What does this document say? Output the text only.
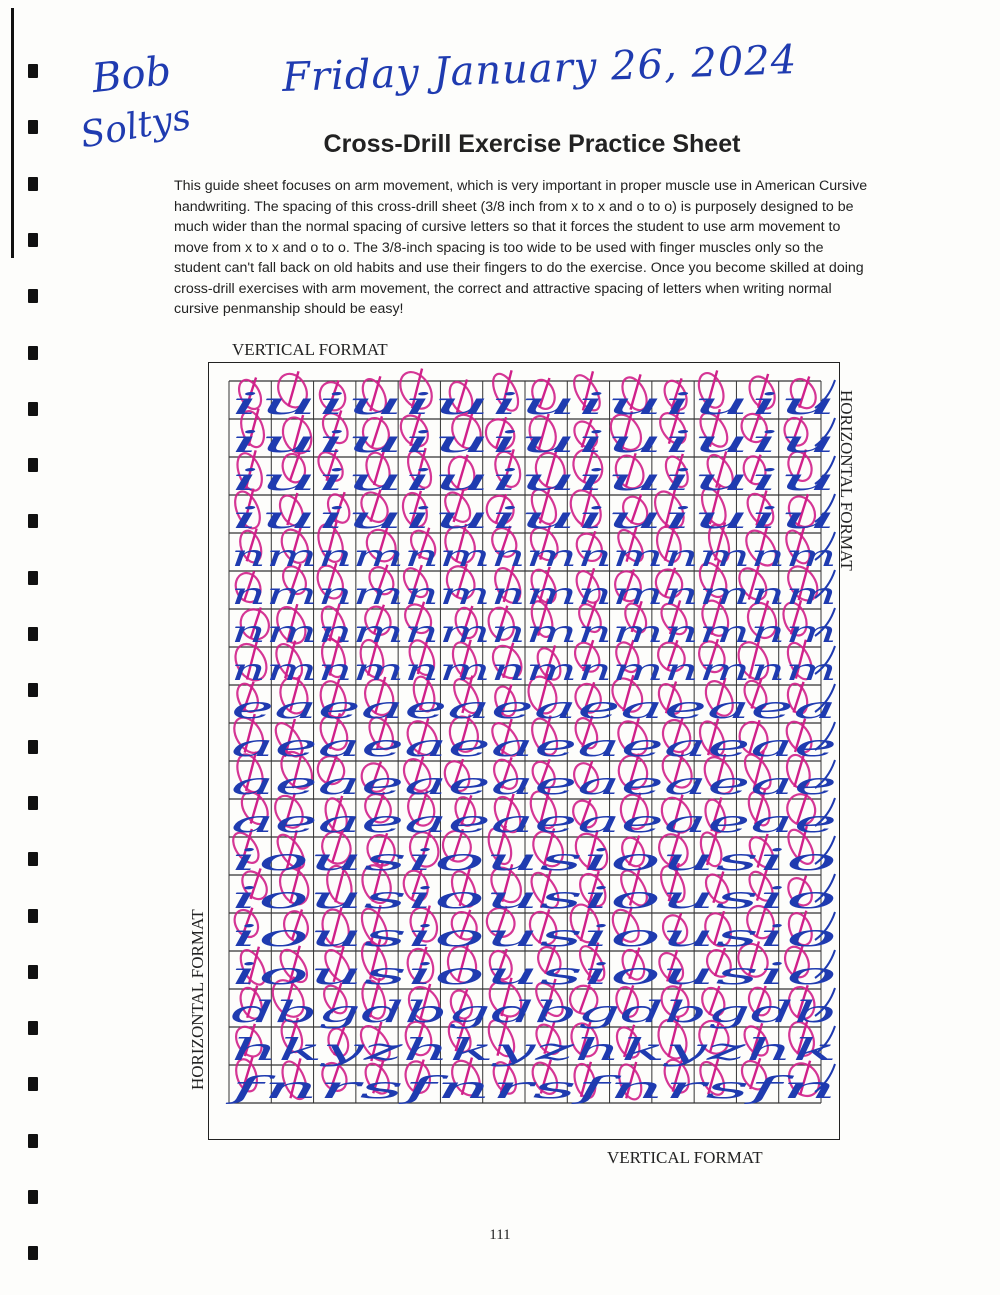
Bob
Soltys
Friday January 26, 2024
Cross-Drill Exercise Practice Sheet

This guide sheet focuses on arm movement, which is very important in proper muscle use in American Cursive handwriting. The spacing of this cross-drill sheet (3/8 inch from x to x and o to o) is purposely designed to be much wider than the normal spacing of cursive letters so that it forces the student to use arm movement to move from x to x and o to o. The 3/8-inch spacing is too wide to be used with finger muscles only so the student can't fall back on old habits and use their fingers to do the exercise. Once you become skilled at doing cross-drill exercises with arm movement, the correct and attractive spacing of letters when writing normal cursive penmanship should be easy!

VERTICAL FORMAT
HORIZONTAL FORMAT
HORIZONTAL FORMAT
VERTICAL FORMAT
iuiuiuiuiuiuiu
iuiuiuiuiuiuiu
iuiuiuiuiuiuiu
iuiuiuiuiuiuiu
nmnmnmnmnmnmnm
nmnmnmnmnmnmnm
nmnmnmnmnmnmnm
nmnmnmnmnmnmnm
eaeaeaeaeaeaea
aeaeaeaeaeaeae
aeaeaeaeaeaeae
aeaeaeaeaeaeae
iousiousiousio
iousiousiousio
iousiousiousio
iousiousiousio
dbgdbgdbgdbgdb
hkyzhkyzhkyzhk
fnrsfnrsfnrsfn
111
